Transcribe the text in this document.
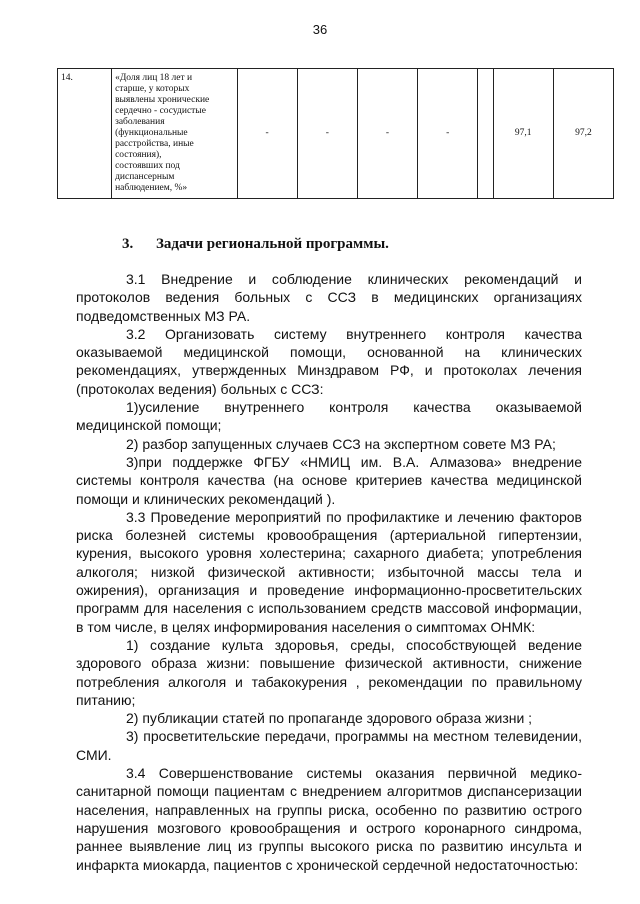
36
14.	«Доля лиц 18 лет и
старше, у которых
выявлены хронические
сердечно - сосудистые
заболевания
(функциональные
расстройства, иные
состояния),
состоявших под
диспансерным
наблюдением, %»
	-	-	-	-		97,1	97,2
3. Задачи региональной программы.

3.1 Внедрение и соблюдение клинических рекомендаций и протоколов ведения больных с ССЗ в медицинских организациях подведомственных МЗ РА.

3.2 Организовать систему внутреннего контроля качества оказываемой медицинской помощи, основанной на клинических рекомендациях, утвержденных Минздравом РФ, и протоколах лечения (протоколах ведения) больных с ССЗ:

1)усиление внутреннего контроля качества оказываемой медицинской помощи;

2) разбор запущенных случаев ССЗ на экспертном совете МЗ РА;

3)при поддержке ФГБУ «НМИЦ им. В.А. Алмазова» внедрение системы контроля качества (на основе критериев качества медицинской помощи и клинических рекомендаций ).

3.3 Проведение мероприятий по профилактике и лечению факторов риска болезней системы кровообращения (артериальной гипертензии, курения, высокого уровня холестерина; сахарного диабета; употребления алкоголя; низкой физической активности; избыточной массы тела и ожирения), организация и проведение информационно-просветительских программ для населения с использованием средств массовой информации, в том числе, в целях информирования населения о симптомах ОНМК:

1) создание культа здоровья, среды, способствующей ведение здорового образа жизни: повышение физической активности, снижение потребления алкоголя и табакокурения , рекомендации по правильному питанию;

2) публикации статей по пропаганде здорового образа жизни ;

3) просветительские передачи, программы на местном телевидении, СМИ.

3.4 Совершенствование системы оказания первичной медико-санитарной помощи пациентам с внедрением алгоритмов диспансеризации населения, направленных на группы риска, особенно по развитию острого нарушения мозгового кровообращения и острого коронарного синдрома, раннее выявление лиц из группы высокого риска по развитию инсульта и инфаркта миокарда, пациентов с хронической сердечной недостаточностью:
